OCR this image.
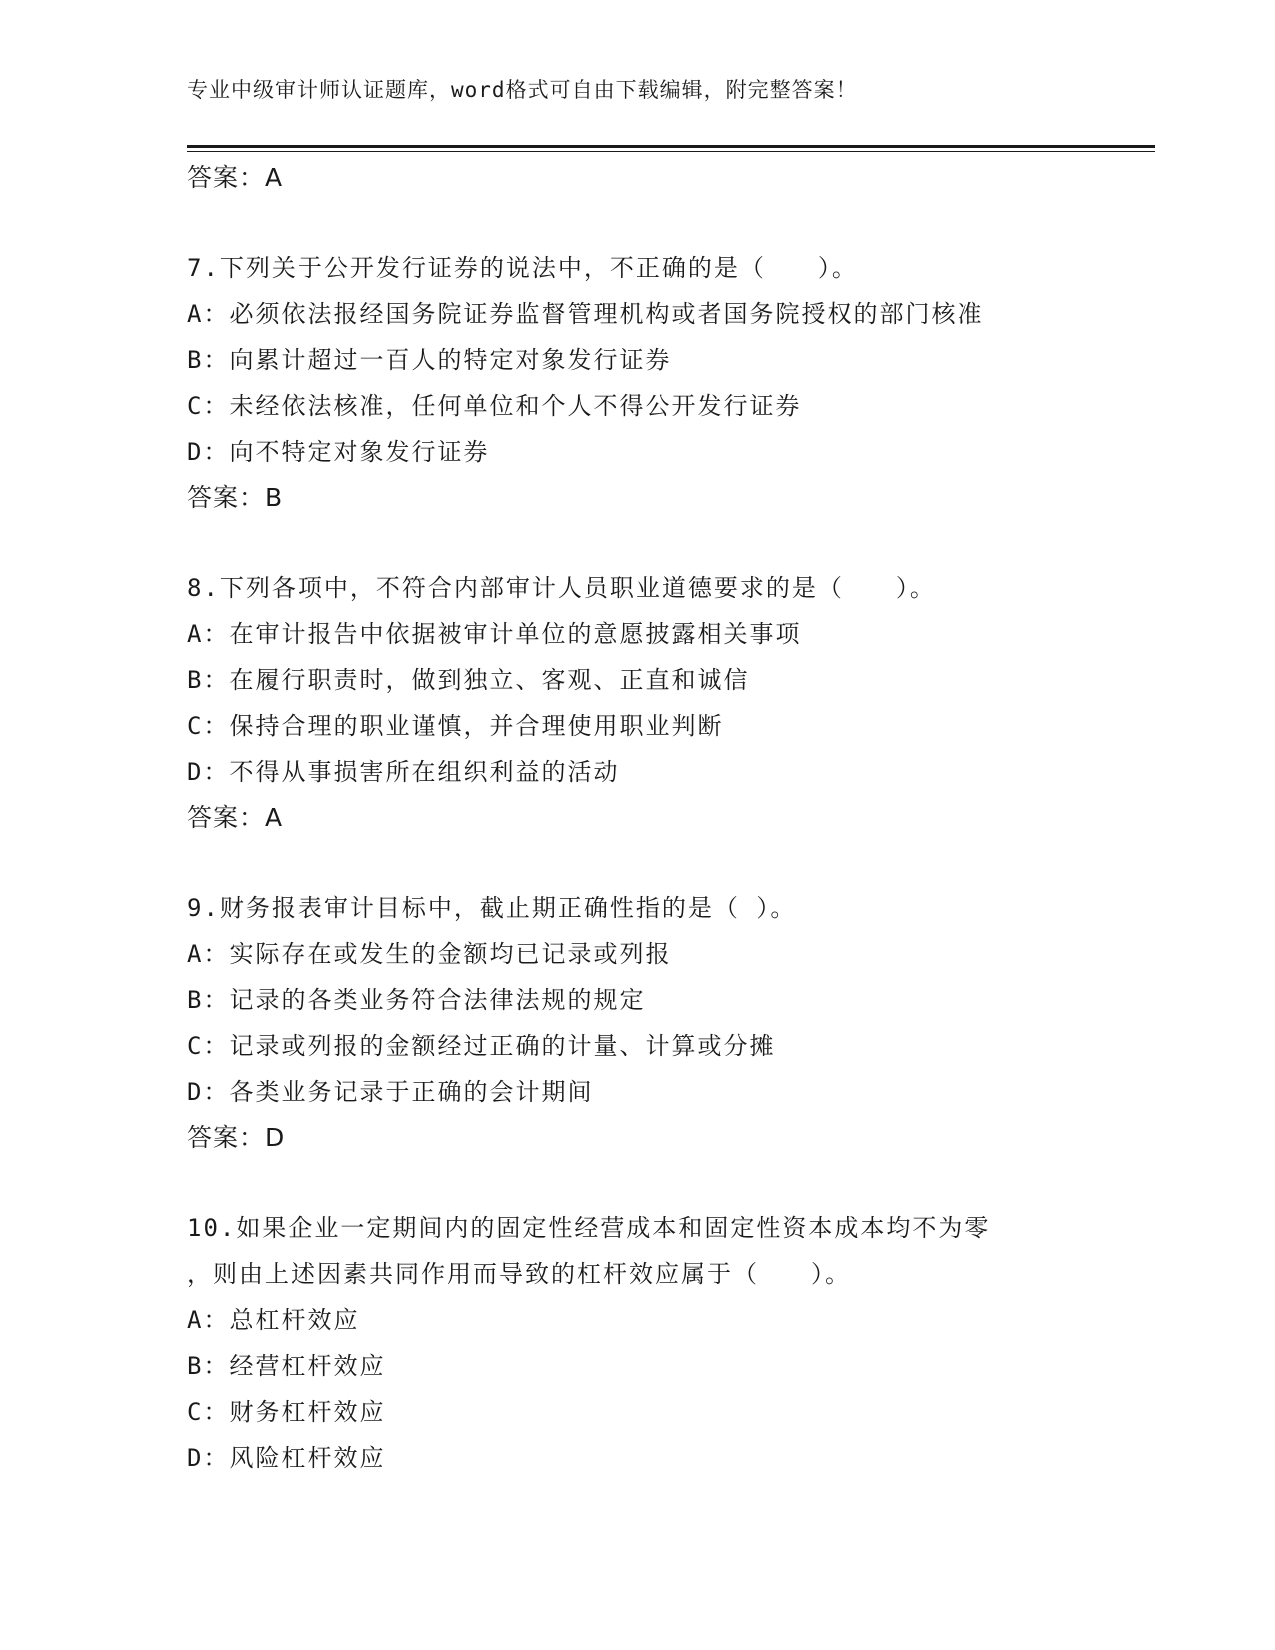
专业中级审计师认证题库，word格式可自由下载编辑，附完整答案！
答案：A
7.下列关于公开发行证券的说法中，不正确的是（　　）。
A：必须依法报经国务院证券监督管理机构或者国务院授权的部门核准
B：向累计超过一百人的特定对象发行证券
C：未经依法核准，任何单位和个人不得公开发行证券
D：向不特定对象发行证券
答案：B
8.下列各项中，不符合内部审计人员职业道德要求的是（　　）。
A：在审计报告中依据被审计单位的意愿披露相关事项
B：在履行职责时，做到独立、客观、正直和诚信
C：保持合理的职业谨慎，并合理使用职业判断
D：不得从事损害所在组织利益的活动
答案：A
9.财务报表审计目标中，截止期正确性指的是（ ）。
A：实际存在或发生的金额均已记录或列报
B：记录的各类业务符合法律法规的规定
C：记录或列报的金额经过正确的计量、计算或分摊
D：各类业务记录于正确的会计期间
答案：D
10.如果企业一定期间内的固定性经营成本和固定性资本成本均不为零
，则由上述因素共同作用而导致的杠杆效应属于（　　）。
A：总杠杆效应
B：经营杠杆效应
C：财务杠杆效应
D：风险杠杆效应
